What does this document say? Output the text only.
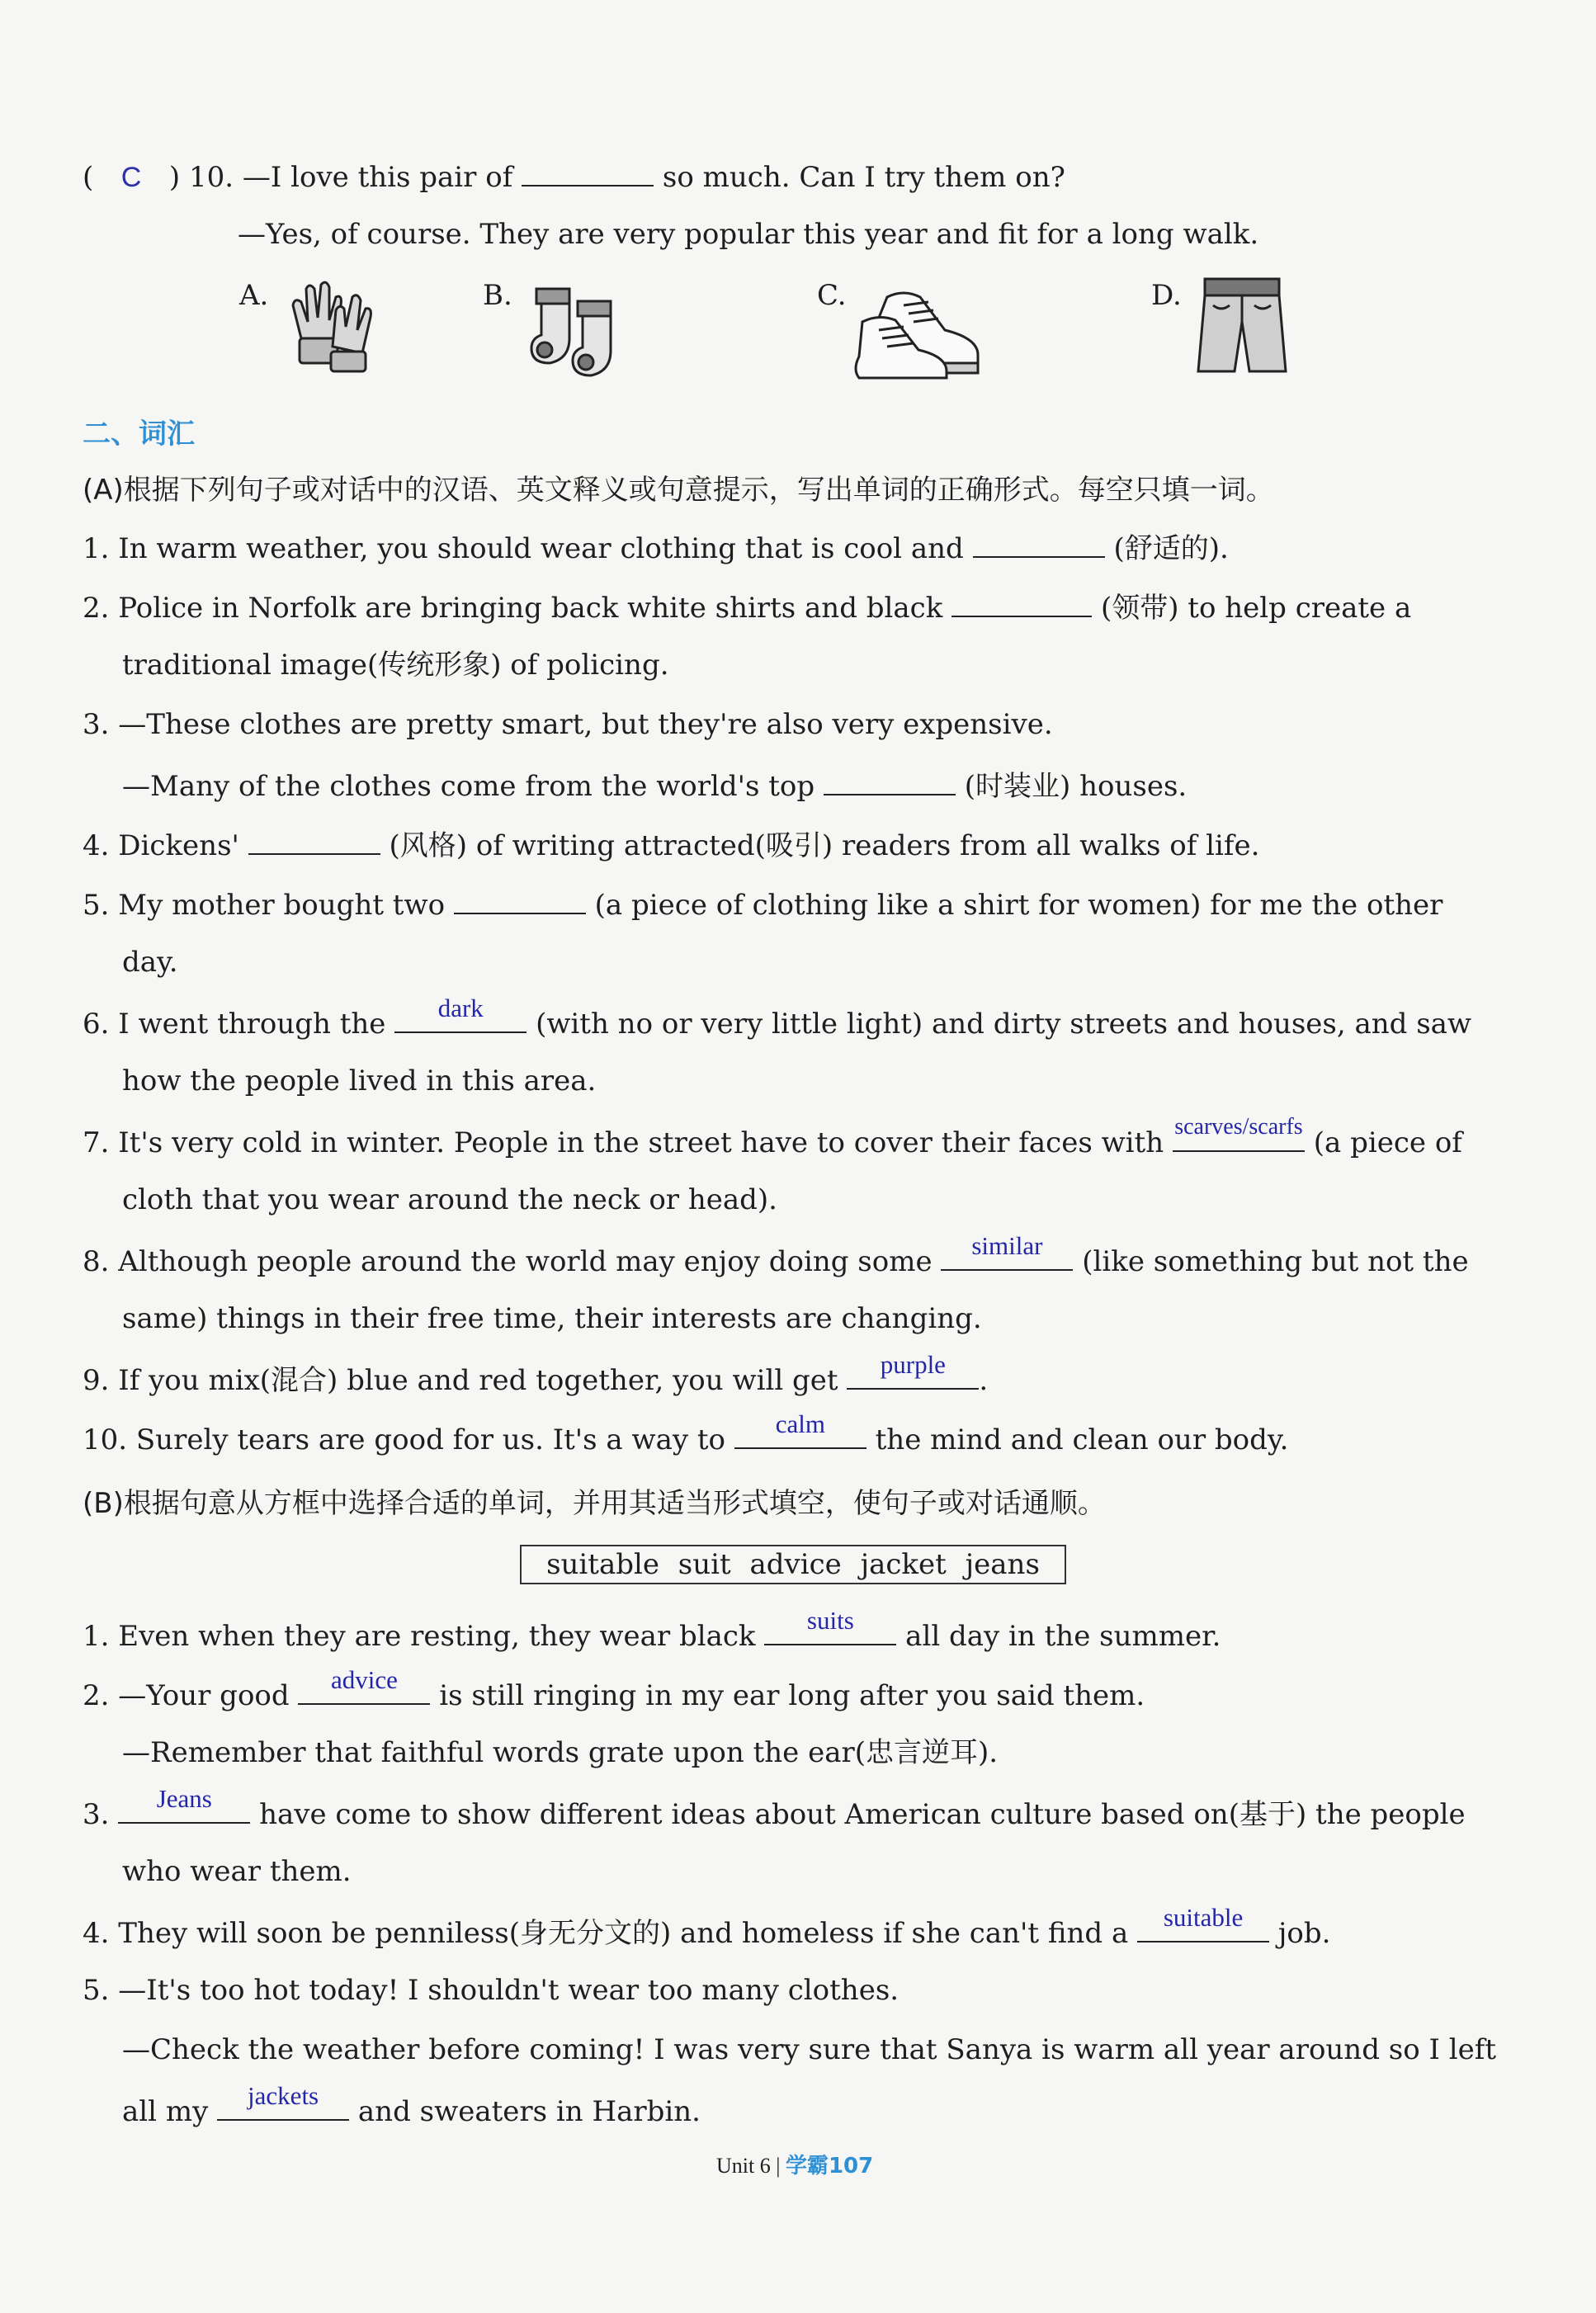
( C ) 10. —I love this pair of	so much. Can I try them on?
—Yes, of course. They are very popular this year and fit for a long walk.
A.	B.	C.	D.
二、词汇
(A)根据下列句子或对话中的汉语、英文释义或句意提示，写出单词的正确形式。每空只填一词。
1. In warm weather, you should wear clothing that is cool and	(舒适的).
2. Police in Norfolk are bringing back white shirts and black	(领带) to help create a
traditional image(传统形象) of policing.
3. —These clothes are pretty smart, but they're also very expensive.
—Many of the clothes come from the world's top	(时装业) houses.
4. Dickens'	(风格) of writing attracted(吸引) readers from all walks of life.
5. My mother bought two	(a piece of clothing like a shirt for women) for me the other
day.
6. I went through the	dark	(with no or very little light) and dirty streets and houses, and saw
how the people lived in this area.
7. It's very cold in winter. People in the street have to cover their faces with scarves/scarfs (a piece of
cloth that you wear around the neck or head).
8. Although people around the world may enjoy doing some	similar	(like something but not the
same) things in their free time, their interests are changing.
9. If you mix(混合) blue and red together, you will get	purple	.
10. Surely tears are good for us. It's a way to	calm	the mind and clean our body.
(B)根据句意从方框中选择合适的单词，并用其适当形式填空，使句子或对话通顺。
suitable suit advice jacket jeans
1. Even when they are resting, they wear black	suits	all day in the summer.
2. —Your good	advice	is still ringing in my ear long after you said them.
—Remember that faithful words grate upon the ear(忠言逆耳).
3.	Jeans	have come to show different ideas about American culture based on(基于) the people
who wear them.
4. They will soon be penniless(身无分文的) and homeless if she can't find a	suitable	job.
5. —It's too hot today! I shouldn't wear too many clothes.
—Check the weather before coming! I was very sure that Sanya is warm all year around so I left
all my	jackets	and sweaters in Harbin.
Unit 6 | 学霸107
